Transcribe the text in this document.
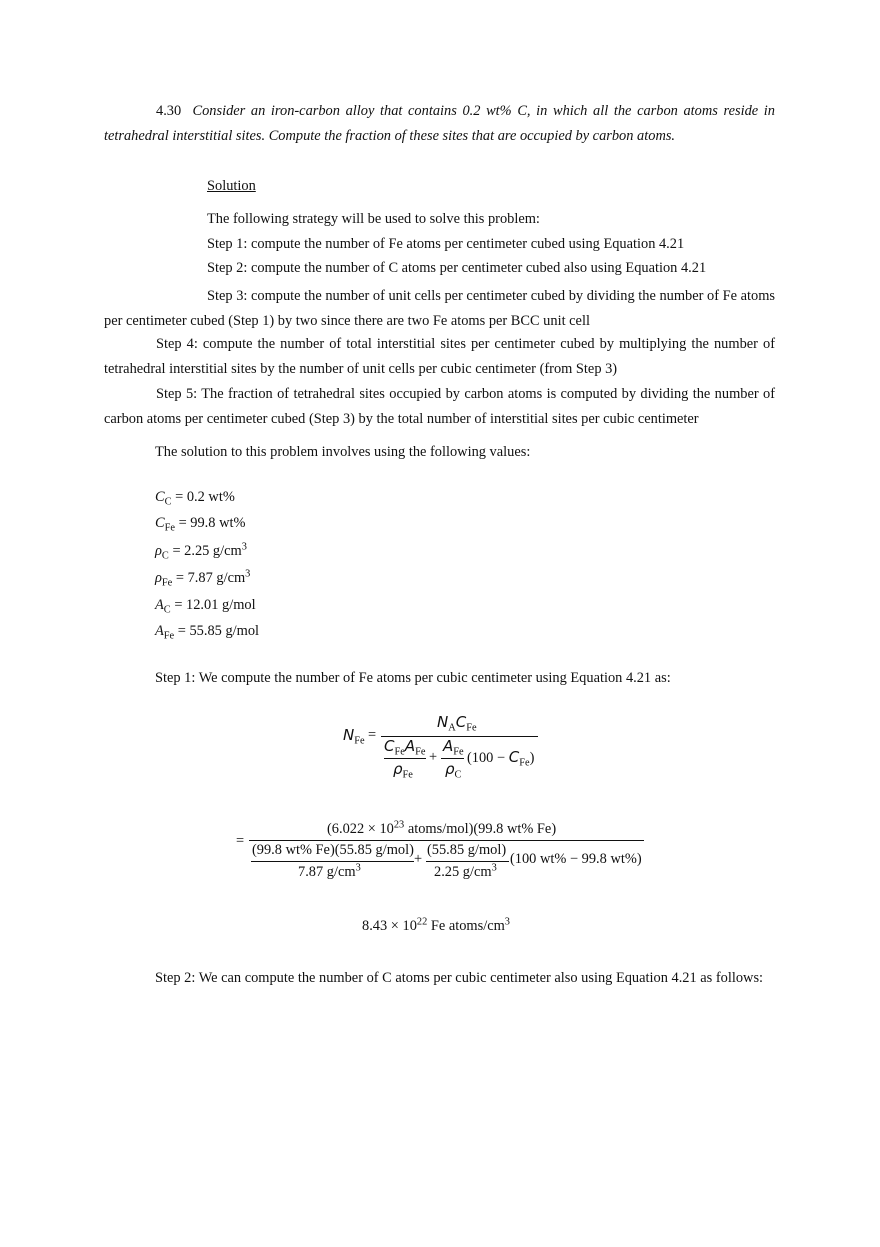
4.30 Consider an iron-carbon alloy that contains 0.2 wt% C, in which all the carbon atoms reside in tetrahedral interstitial sites. Compute the fraction of these sites that are occupied by carbon atoms.
Solution
The following strategy will be used to solve this problem:
Step 1: compute the number of Fe atoms per centimeter cubed using Equation 4.21
Step 2: compute the number of C atoms per centimeter cubed also using Equation 4.21
Step 3: compute the number of unit cells per centimeter cubed by dividing the number of Fe atoms per centimeter cubed (Step 1) by two since there are two Fe atoms per BCC unit cell
Step 4: compute the number of total interstitial sites per centimeter cubed by multiplying the number of tetrahedral interstitial sites by the number of unit cells per cubic centimeter (from Step 3)
Step 5: The fraction of tetrahedral sites occupied by carbon atoms is computed by dividing the number of carbon atoms per centimeter cubed (Step 3) by the total number of interstitial sites per cubic centimeter
The solution to this problem involves using the following values:
$C_C = 0.2$ wt%
$C_{Fe} = 99.8$ wt%
$\rho_C = 2.25$ $g/cm^3$
$\rho_{Fe} = 7.87$ $g/cm^3$
$A_C = 12.01$ g/mol
$A_{Fe} = 55.85$ g/mol
Step 1: We compute the number of Fe atoms per cubic centimeter using Equation 4.21 as:
$N_{Fe}$ =
$N_AC_{Fe}$
$C_{Fe}A_{Fe}$
$\rho_{Fe}$
+
$A_{Fe}$
$\rho_C$
$(100 - C_{Fe})$
=
($6.022 \times 10^{23}$ atoms/mol)(99.8 wt% Fe)
(99.8 wt% Fe)(55.85 g/mol)
7.87 $g/cm^3$
+
(55.85 g/mol)
2.25 $g/cm^3$
(100 wt% − 99.8 wt%)
$8.43 \times 10^{22}$ Fe atoms/$cm^3$
Step 2: We can compute the number of C atoms per cubic centimeter also using Equation 4.21 as follows:
